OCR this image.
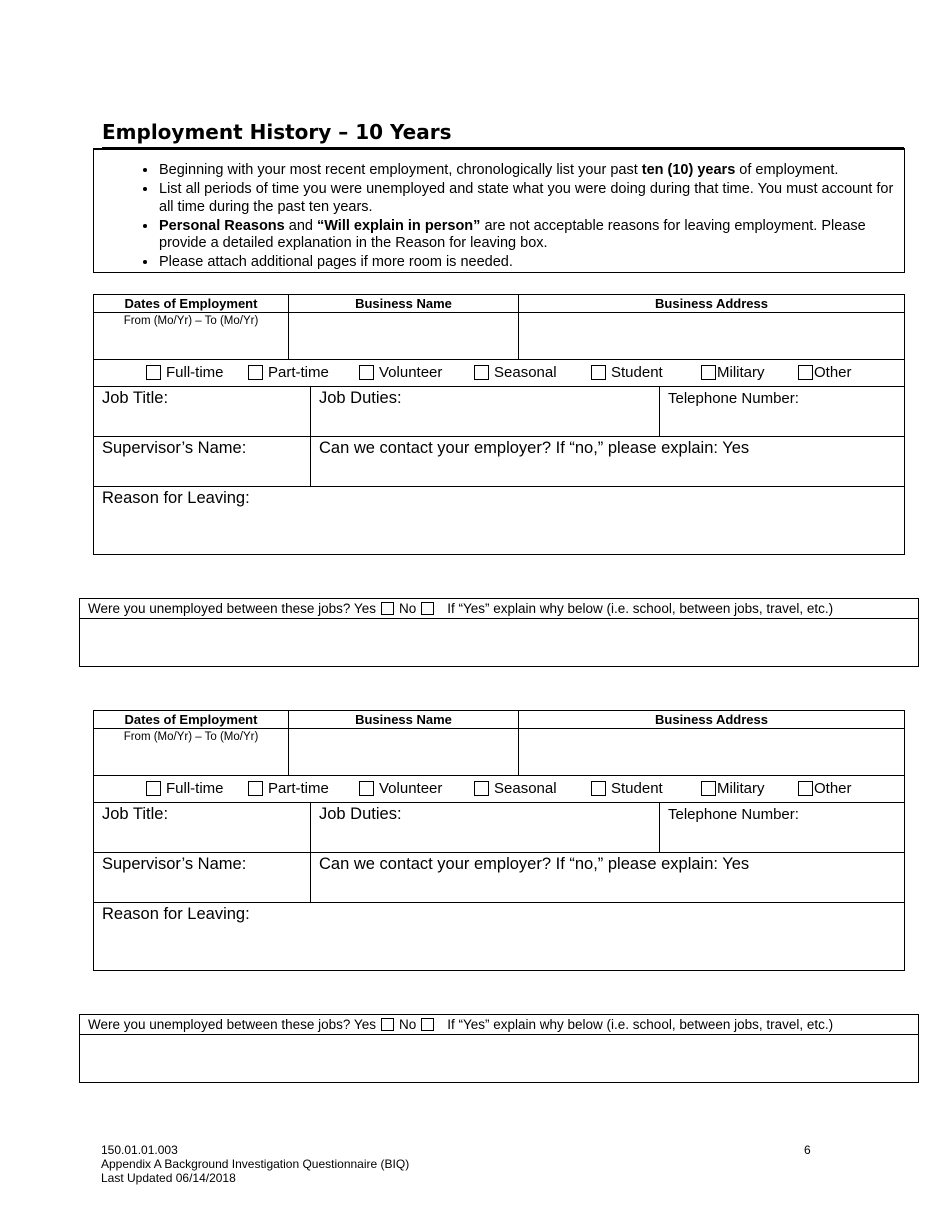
Employment History – 10 Years
• Beginning with your most recent employment, chronologically list your past ten (10) years of employment.
• List all periods of time you were unemployed and state what you were doing during that time. You must account for all time during the past ten years.
• Personal Reasons and “Will explain in person” are not acceptable reasons for leaving employment. Please provide a detailed explanation in the Reason for leaving box.
• Please attach additional pages if more room is needed.
Dates of Employment	Business Name	Business Address
From (Mo/Yr) – To (Mo/Yr)
Full-time	Part-time	Volunteer	Seasonal	Student	Military	Other
Job Title:	Job Duties:	Telephone Number:
Supervisor’s Name:	Can we contact your employer? If “no,” please explain: Yes
Reason for Leaving:
Were you unemployed between these jobs? Yes No If “Yes” explain why below (i.e. school, between jobs, travel, etc.)
Dates of Employment	Business Name	Business Address
From (Mo/Yr) – To (Mo/Yr)
Full-time	Part-time	Volunteer	Seasonal	Student	Military	Other
Job Title:	Job Duties:	Telephone Number:
Supervisor’s Name:	Can we contact your employer? If “no,” please explain: Yes
Reason for Leaving:
Were you unemployed between these jobs? Yes No If “Yes” explain why below (i.e. school, between jobs, travel, etc.)
150.01.01.003
Appendix A Background Investigation Questionnaire (BIQ)
Last Updated 06/14/2018
6
